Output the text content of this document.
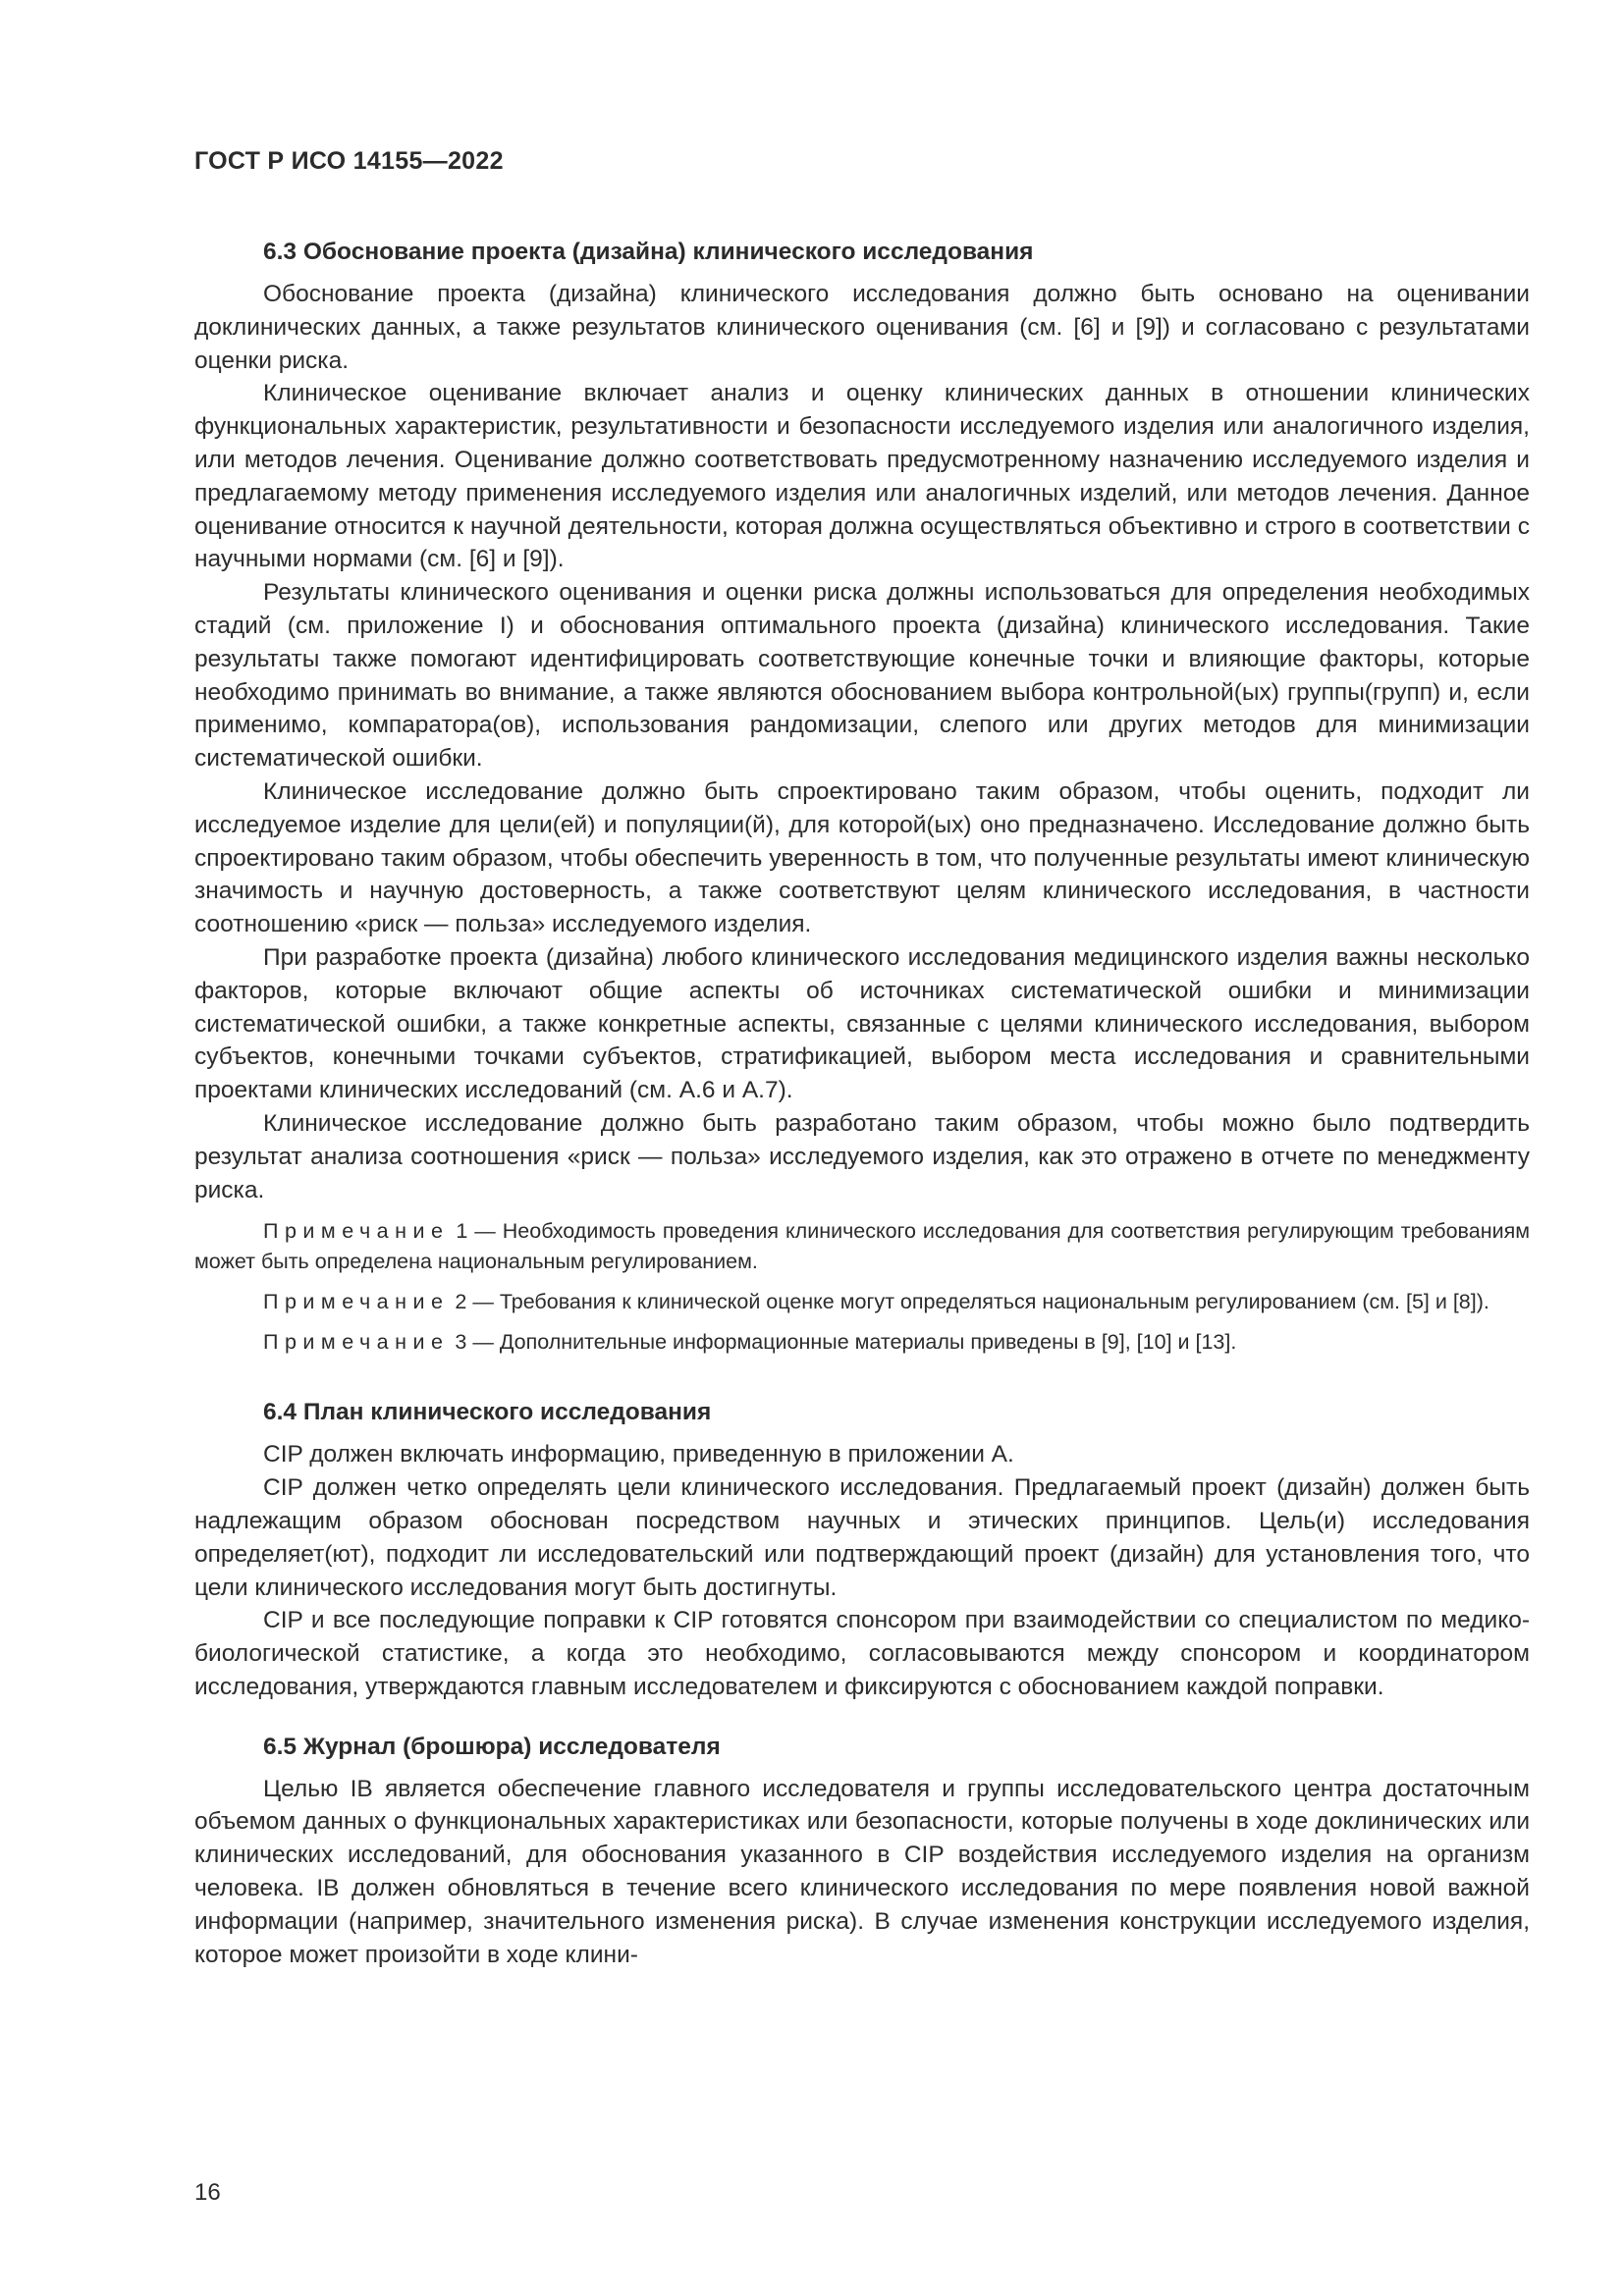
ГОСТ Р ИСО 14155—2022
6.3 Обоснование проекта (дизайна) клинического исследования

Обоснование проекта (дизайна) клинического исследования должно быть основано на оценивании доклинических данных, а также результатов клинического оценивания (см. [6] и [9]) и согласовано с результатами оценки риска.

Клиническое оценивание включает анализ и оценку клинических данных в отношении клинических функциональных характеристик, результативности и безопасности исследуемого изделия или аналогичного изделия, или методов лечения. Оценивание должно соответствовать предусмотренному назначению исследуемого изделия и предлагаемому методу применения исследуемого изделия или аналогичных изделий, или методов лечения. Данное оценивание относится к научной деятельности, которая должна осуществляться объективно и строго в соответствии с научными нормами (см. [6] и [9]).

Результаты клинического оценивания и оценки риска должны использоваться для определения необходимых стадий (см. приложение I) и обоснования оптимального проекта (дизайна) клинического исследования. Такие результаты также помогают идентифицировать соответствующие конечные точки и влияющие факторы, которые необходимо принимать во внимание, а также являются обоснованием выбора контрольной(ых) группы(групп) и, если применимо, компаратора(ов), использования рандомизации, слепого или других методов для минимизации систематической ошибки.

Клиническое исследование должно быть спроектировано таким образом, чтобы оценить, подходит ли исследуемое изделие для цели(ей) и популяции(й), для которой(ых) оно предназначено. Исследование должно быть спроектировано таким образом, чтобы обеспечить уверенность в том, что полученные результаты имеют клиническую значимость и научную достоверность, а также соответствуют целям клинического исследования, в частности соотношению «риск — польза» исследуемого изделия.

При разработке проекта (дизайна) любого клинического исследования медицинского изделия важны несколько факторов, которые включают общие аспекты об источниках систематической ошибки и минимизации систематической ошибки, а также конкретные аспекты, связанные с целями клинического исследования, выбором субъектов, конечными точками субъектов, стратификацией, выбором места исследования и сравнительными проектами клинических исследований (см. A.6 и A.7).

Клиническое исследование должно быть разработано таким образом, чтобы можно было подтвердить результат анализа соотношения «риск — польза» исследуемого изделия, как это отражено в отчете по менеджменту риска.

Примечание 1 — Необходимость проведения клинического исследования для соответствия регулирующим требованиям может быть определена национальным регулированием.

Примечание 2 — Требования к клинической оценке могут определяться национальным регулированием (см. [5] и [8]).

Примечание 3 — Дополнительные информационные материалы приведены в [9], [10] и [13].

6.4 План клинического исследования

CIP должен включать информацию, приведенную в приложении A.

CIP должен четко определять цели клинического исследования. Предлагаемый проект (дизайн) должен быть надлежащим образом обоснован посредством научных и этических принципов. Цель(и) исследования определяет(ют), подходит ли исследовательский или подтверждающий проект (дизайн) для установления того, что цели клинического исследования могут быть достигнуты.

CIP и все последующие поправки к CIP готовятся спонсором при взаимодействии со специалистом по медико-биологической статистике, а когда это необходимо, согласовываются между спонсором и координатором исследования, утверждаются главным исследователем и фиксируются с обоснованием каждой поправки.

6.5 Журнал (брошюра) исследователя

Целью IB является обеспечение главного исследователя и группы исследовательского центра достаточным объемом данных о функциональных характеристиках или безопасности, которые получены в ходе доклинических или клинических исследований, для обоснования указанного в CIP воздействия исследуемого изделия на организм человека. IB должен обновляться в течение всего клинического исследования по мере появления новой важной информации (например, значительного изменения риска). В случае изменения конструкции исследуемого изделия, которое может произойти в ходе клини-

16
